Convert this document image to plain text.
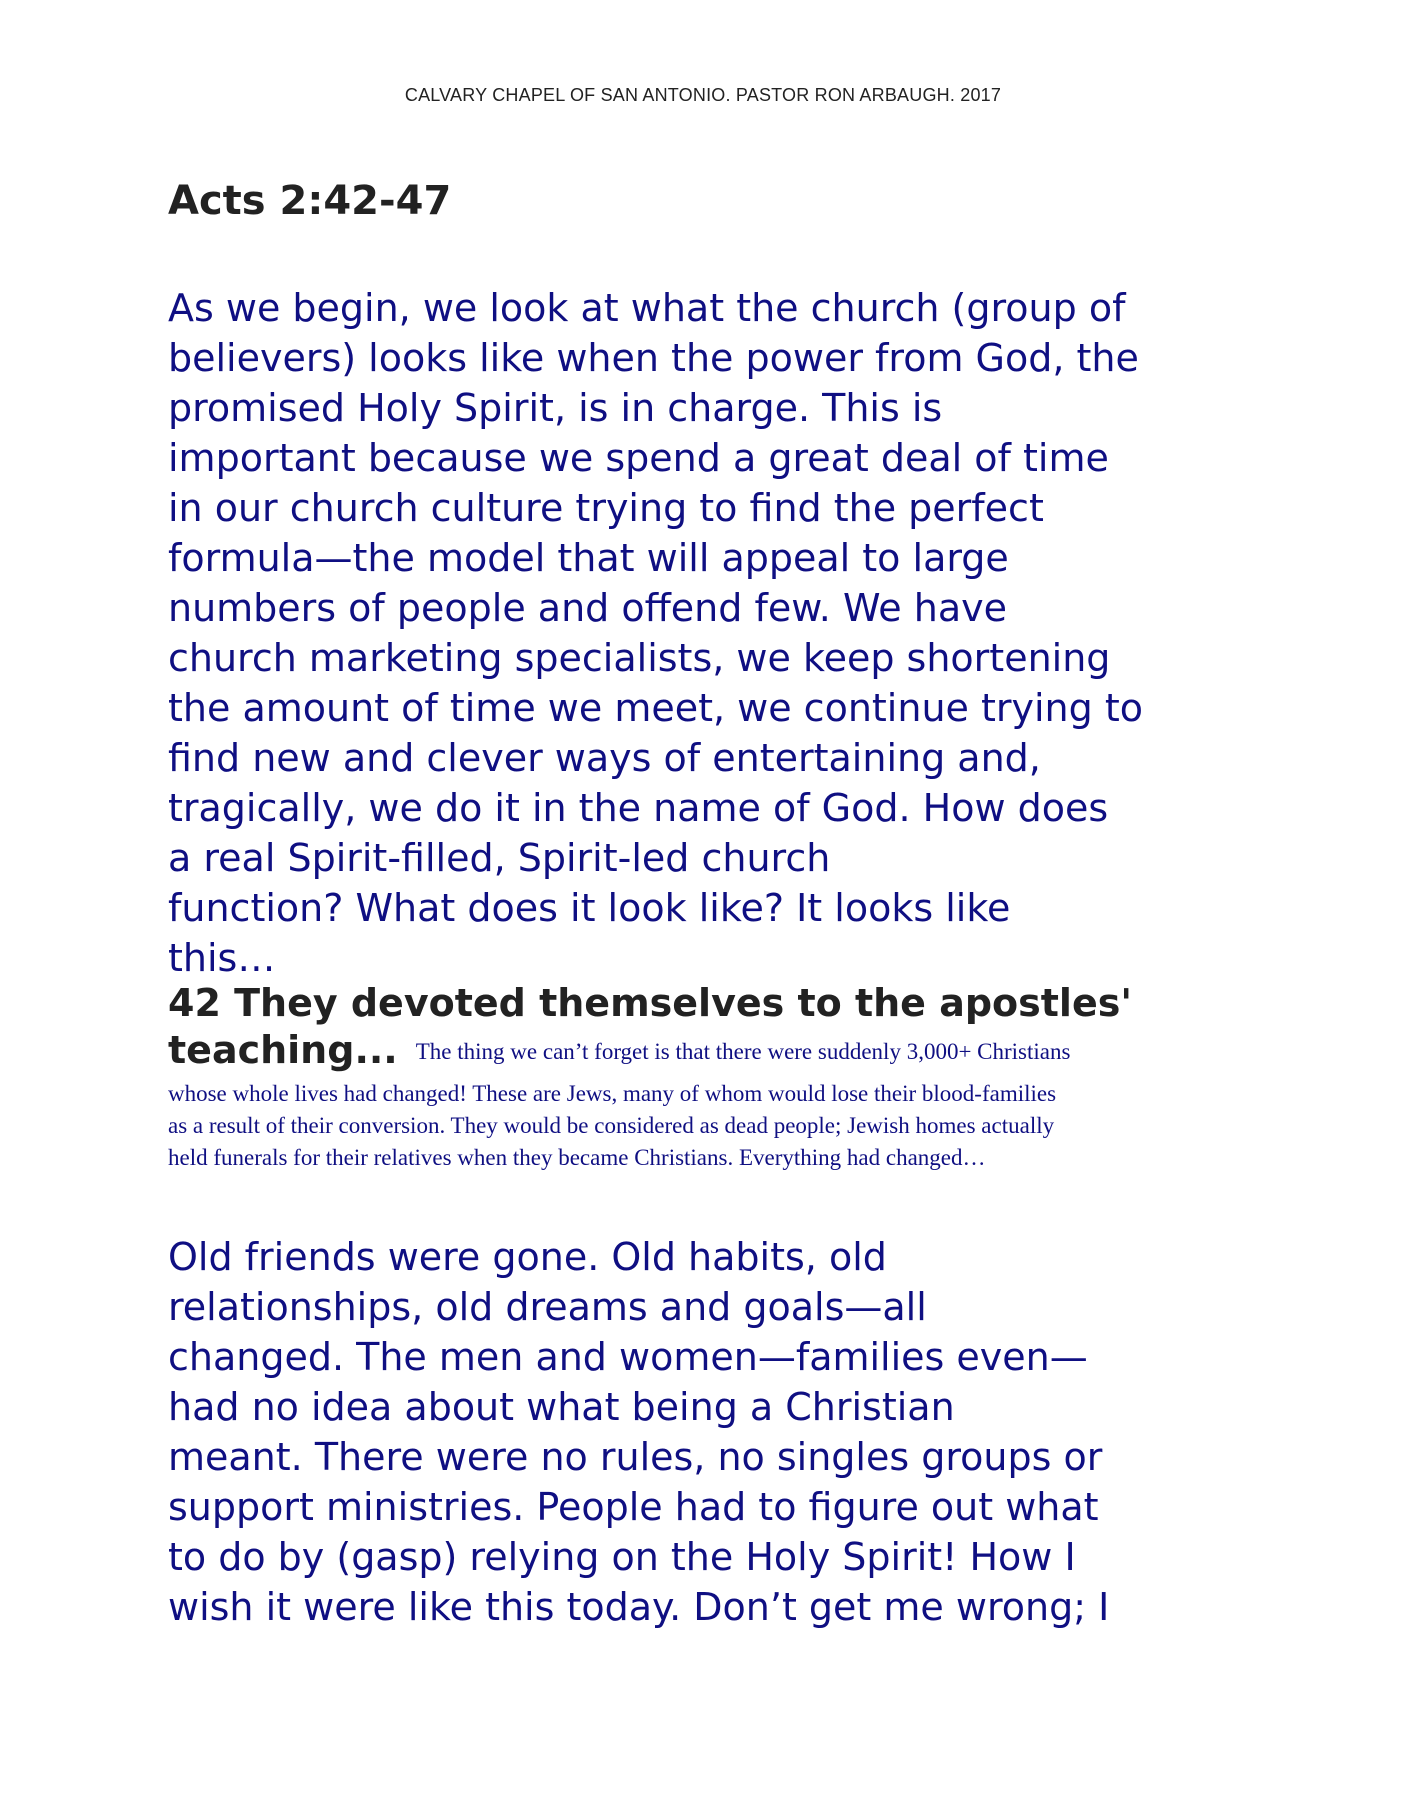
CALVARY CHAPEL OF SAN ANTONIO. PASTOR RON ARBAUGH. 2017
Acts 2:42-47
As we begin, we look at what the church (group of
believers) looks like when the power from God, the
promised Holy Spirit, is in charge. This is
important because we spend a great deal of time
in our church culture trying to find the perfect
formula—the model that will appeal to large
numbers of people and offend few. We have
church marketing specialists, we keep shortening
the amount of time we meet, we continue trying to
find new and clever ways of entertaining and,
tragically, we do it in the name of God. How does
a real Spirit-filled, Spirit-led church
function? What does it look like? It looks like
this…
42 They devoted themselves to the apostles'
teaching... The thing we can’t forget is that there were suddenly 3,000+ Christians
whose whole lives had changed! These are Jews, many of whom would lose their blood-families
as a result of their conversion. They would be considered as dead people; Jewish homes actually
held funerals for their relatives when they became Christians. Everything had changed…
Old friends were gone. Old habits, old
relationships, old dreams and goals—all
changed. The men and women—families even—
had no idea about what being a Christian
meant. There were no rules, no singles groups or
support ministries. People had to figure out what
to do by (gasp) relying on the Holy Spirit! How I
wish it were like this today. Don’t get me wrong; I
